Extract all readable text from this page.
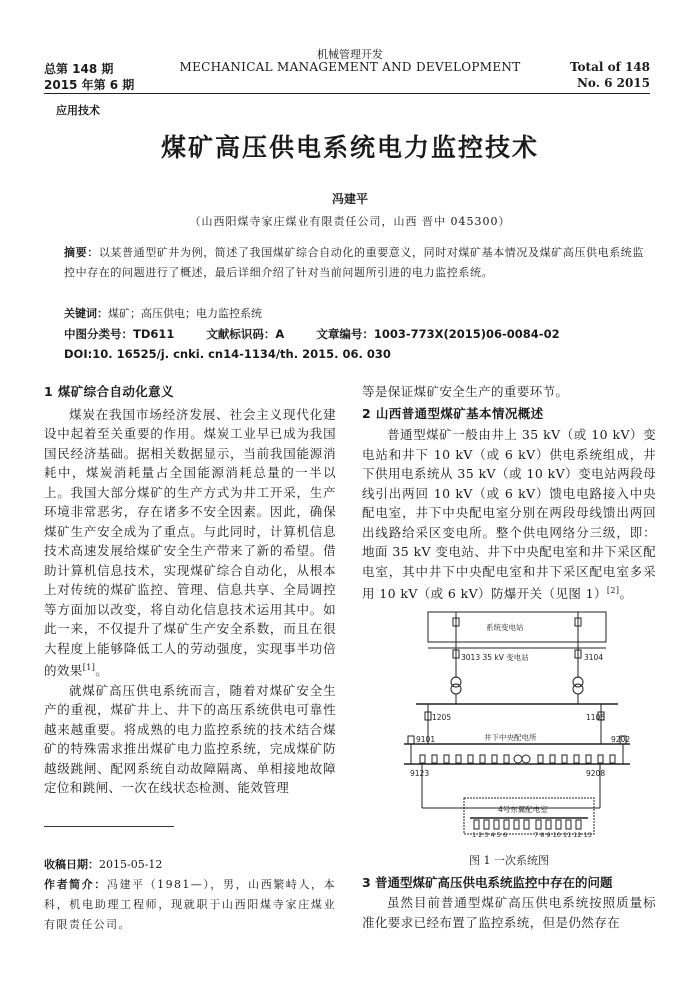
总第 148 期
2015 年第 6 期
机械管理开发
MECHANICAL MANAGEMENT AND DEVELOPMENT	Total of 148
No. 6 2015
应用技术
煤矿高压供电系统电力监控技术
冯建平
（山西阳煤寺家庄煤业有限责任公司，山西 晋中 045300）
摘要：以某普通型矿井为例，简述了我国煤矿综合自动化的重要意义，同时对煤矿基本情况及煤矿高压供电系统监控中存在的问题进行了概述，最后详细介绍了针对当前问题所引进的电力监控系统。
关键词：煤矿；高压供电；电力监控系统
中图分类号：TD611	文献标识码：A	文章编号：1003-773X(2015)06-0084-02
DOI:10. 16525/j. cnki. cn14-1134/th. 2015. 06. 030
1 煤矿综合自动化意义

煤炭在我国市场经济发展、社会主义现代化建设中起着至关重要的作用。煤炭工业早已成为我国国民经济基础。据相关数据显示，当前我国能源消耗中，煤炭消耗量占全国能源消耗总量的一半以上。我国大部分煤矿的生产方式为井工开采，生产环境非常恶劣，存在诸多不安全因素。因此，确保煤矿生产安全成为了重点。与此同时，计算机信息技术高速发展给煤矿安全生产带来了新的希望。借助计算机信息技术，实现煤矿综合自动化，从根本上对传统的煤矿监控、管理、信息共享、全局调控等方面加以改变，将自动化信息技术运用其中。如此一来，不仅提升了煤矿生产安全系数，而且在很大程度上能够降低工人的劳动强度，实现事半功倍的效果[1]。

就煤矿高压供电系统而言，随着对煤矿安全生产的重视，煤矿井上、井下的高压系统供电可靠性越来越重要。将成熟的电力监控系统的技术结合煤矿的特殊需求推出煤矿电力监控系统，完成煤矿防越级跳闸、配网系统自动故障隔离、单相接地故障定位和跳闸、一次在线状态检测、能效管理

收稿日期：2015-05-12
作者简介：冯建平（1981—），男，山西繁峙人，本科，机电助理工程师，现就职于山西阳煤寺家庄煤业有限责任公司。
等是保证煤矿安全生产的重要环节。
2 山西普通型煤矿基本情况概述

普通型煤矿一般由井上 35 kV（或 10 kV）变电站和井下 10 kV（或 6 kV）供电系统组成，井下供用电系统从 35 kV（或 10 kV）变电站两段母线引出两回 10 kV（或 6 kV）馈电电路接入中央配电室，井下中央配电室分别在两段母线馈出两回出线路给采区变电所。整个供电网络分三级，即：地面 35 kV 变电站、井下中央配电室和井下采区配电室，其中井下中央配电室和井下采区配电室多采用 10 kV（或 6 kV）防爆开关（见图 1）[2]。

系统变电站
3013 35 kV 变电站	3104
1205	1105
9101	井下中央配电所	9202
9123	9208
4号东翼配电室
1 2 3 4 5 6	7 8 9 10 11 12 13
图 1 一次系统图
3 普通型煤矿高压供电系统监控中存在的问题

虽然目前普通型煤矿高压供电系统按照质量标准化要求已经布置了监控系统，但是仍然存在
